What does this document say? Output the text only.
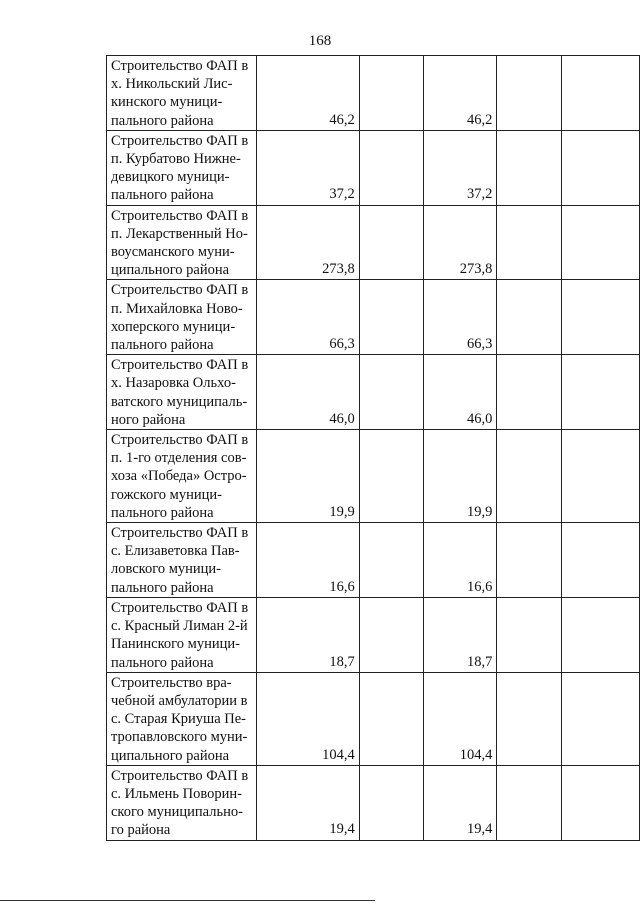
168
Строительство ФАП в
х. Никольский Лис-
кинского муници-
пального района	46,2		46,2		

Строительство ФАП в
п. Курбатово Нижне-
девицкого муници-
пального района	37,2		37,2		

Строительство ФАП в
п. Лекарственный Но-
воусманского муни-
ципального района	273,8		273,8		

Строительство ФАП в
п. Михайловка Ново-
хоперского муници-
пального района	66,3		66,3		

Строительство ФАП в
х. Назаровка Ольхо-
ватского муниципаль-
ного района	46,0		46,0		

Строительство ФАП в
п. 1-го отделения сов-
хоза «Победа» Остро-
гожского муници-
пального района	19,9		19,9		

Строительство ФАП в
с. Елизаветовка Пав-
ловского муници-
пального района	16,6		16,6		

Строительство ФАП в
с. Красный Лиман 2-й
Панинского муници-
пального района	18,7		18,7		

Строительство вра-
чебной амбулатории в
с. Старая Криуша Пе-
тропавловского муни-
ципального района	104,4		104,4		

Строительство ФАП в
с. Ильмень Поворин-
ского муниципально-
го района	19,4		19,4		
